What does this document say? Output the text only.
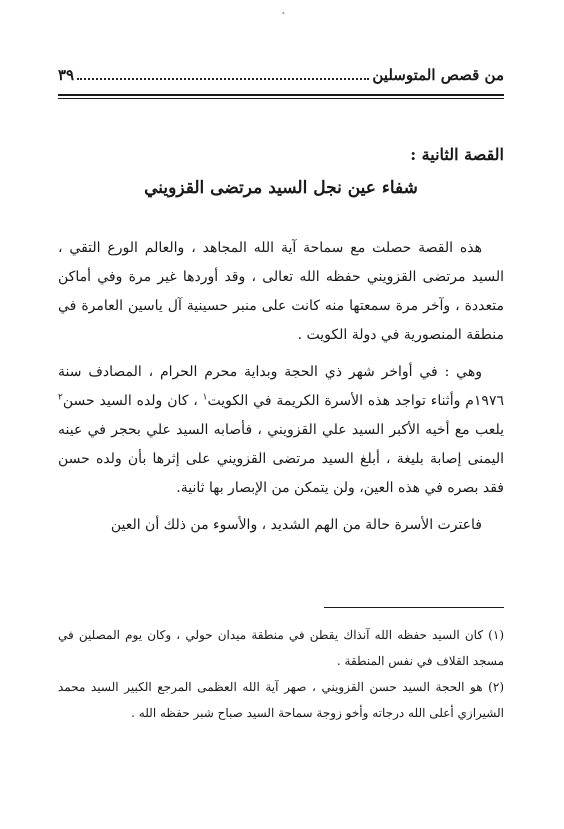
من قصص المتوسلين
٣٩
القصة الثانية :
شفاء عين نجل السيد مرتضى القزويني

هذه القصة حصلت مع سماحة آية الله المجاهد ، والعالم الورع التقي ، السيد مرتضى القزويني حفظه الله تعالى ، وقد أوردها غير مرة وفي أماكن متعددة ، وآخر مرة سمعتها منه كانت على منبر حسينية آل ياسين العامرة في منطقة المنصورية في دولة الكويت .

وهي : في أواخر شهر ذي الحجة وبداية محرم الحرام ، المصادف سنة ١٩٧٦م وأثناء تواجد هذه الأسرة الكريمة في الكويت$^١$ ، كان ولده السيد حسن$^٢$ يلعب مع أخيه الأكبر السيد علي القزويني ، فأصابه السيد علي بحجر في عينه اليمنى إصابة بليغة ، أبلغ السيد مرتضى القزويني على إثرها بأن ولده حسن فقد بصره في هذه العين، ولن يتمكن من الإبصار بها ثانية.

فاعترت الأسرة حالة من الهم الشديد ، والأسوء من ذلك أن العين

(١) كان السيد حفظه الله آنذاك يقطن في منطقة ميدان حولي ، وكان يوم المصلين في مسجد القلاف في نفس المنطقة .

(٢) هو الحجة السيد حسن القزويني ، صهر آية الله العظمى المرجع الكبير السيد محمد الشيرازي أعلى الله درجاته وأخو زوجة سماحة السيد صباح شبر حفظه الله .
